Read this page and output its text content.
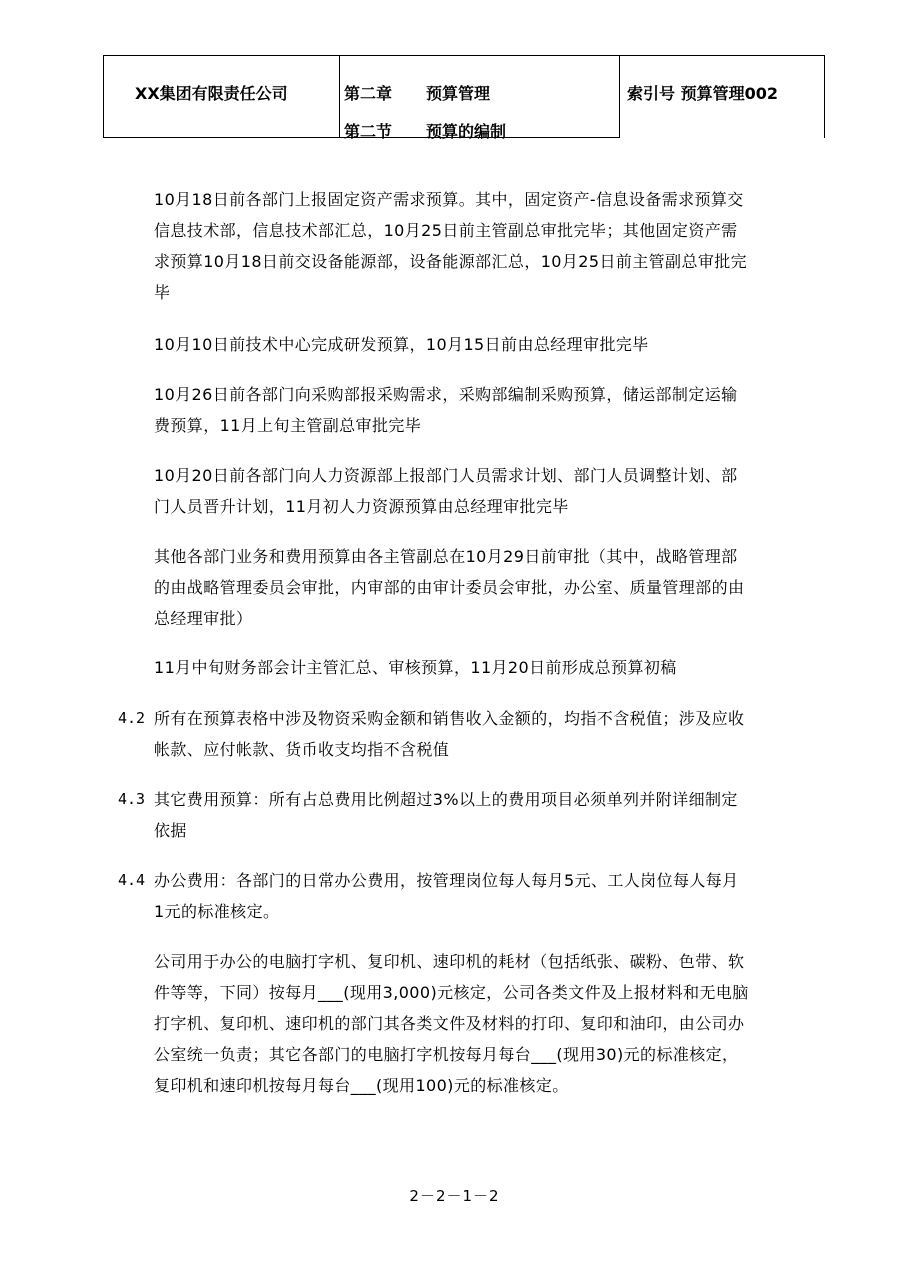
XX集团有限责任公司	第二章 预算管理
第二节 预算的编制
索引号 预算管理002
10月18日前各部门上报固定资产需求预算。其中，固定资产-信息设备需求预算交
信息技术部，信息技术部汇总，10月25日前主管副总审批完毕；其他固定资产需
求预算10月18日前交设备能源部，设备能源部汇总，10月25日前主管副总审批完
毕
10月10日前技术中心完成研发预算，10月15日前由总经理审批完毕
10月26日前各部门向采购部报采购需求，采购部编制采购预算，储运部制定运输
费预算，11月上旬主管副总审批完毕
10月20日前各部门向人力资源部上报部门人员需求计划、部门人员调整计划、部
门人员晋升计划，11月初人力资源预算由总经理审批完毕
其他各部门业务和费用预算由各主管副总在10月29日前审批（其中，战略管理部
的由战略管理委员会审批，内审部的由审计委员会审批，办公室、质量管理部的由
总经理审批）
11月中旬财务部会计主管汇总、审核预算，11月20日前形成总预算初稿
4.2 所有在预算表格中涉及物资采购金额和销售收入金额的，均指不含税值；涉及应收
帐款、应付帐款、货币收支均指不含税值
4.3 其它费用预算：所有占总费用比例超过3%以上的费用项目必须单列并附详细制定
依据
4.4 办公费用：各部门的日常办公费用，按管理岗位每人每月5元、工人岗位每人每月
1元的标准核定。
公司用于办公的电脑打字机、复印机、速印机的耗材（包括纸张、碳粉、色带、软
件等等，下同）按每月___(现用3,000)元核定，公司各类文件及上报材料和无电脑
打字机、复印机、速印机的部门其各类文件及材料的打印、复印和油印，由公司办
公室统一负责；其它各部门的电脑打字机按每月每台___(现用30)元的标准核定，
复印机和速印机按每月每台___(现用100)元的标准核定。
2－2－1－2
